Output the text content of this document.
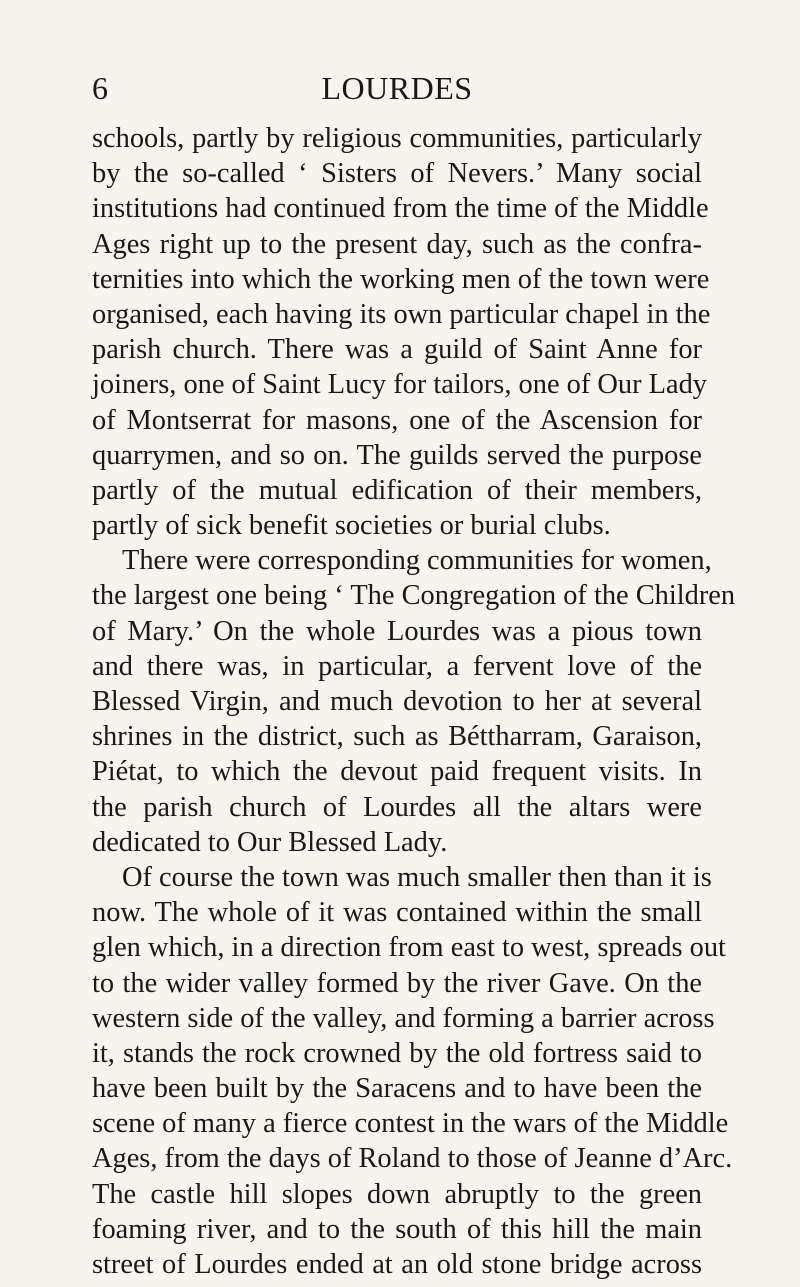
6	LOURDES
schools, partly by religious communities, particularly
by the so-called ‘ Sisters of Nevers.’ Many social
institutions had continued from the time of the Middle
Ages right up to the present day, such as the confra-
ternities into which the working men of the town were
organised, each having its own particular chapel in the
parish church. There was a guild of Saint Anne for
joiners, one of Saint Lucy for tailors, one of Our Lady
of Montserrat for masons, one of the Ascension for
quarrymen, and so on. The guilds served the purpose
partly of the mutual edification of their members,
partly of sick benefit societies or burial clubs.
There were corresponding communities for women,
the largest one being ‘ The Congregation of the Children
of Mary.’ On the whole Lourdes was a pious town
and there was, in particular, a fervent love of the
Blessed Virgin, and much devotion to her at several
shrines in the district, such as Béttharram, Garaison,
Piétat, to which the devout paid frequent visits. In
the parish church of Lourdes all the altars were
dedicated to Our Blessed Lady.
Of course the town was much smaller then than it is
now. The whole of it was contained within the small
glen which, in a direction from east to west, spreads out
to the wider valley formed by the river Gave. On the
western side of the valley, and forming a barrier across
it, stands the rock crowned by the old fortress said to
have been built by the Saracens and to have been the
scene of many a fierce contest in the wars of the Middle
Ages, from the days of Roland to those of Jeanne d’Arc.
The castle hill slopes down abruptly to the green
foaming river, and to the south of this hill the main
street of Lourdes ended at an old stone bridge across
